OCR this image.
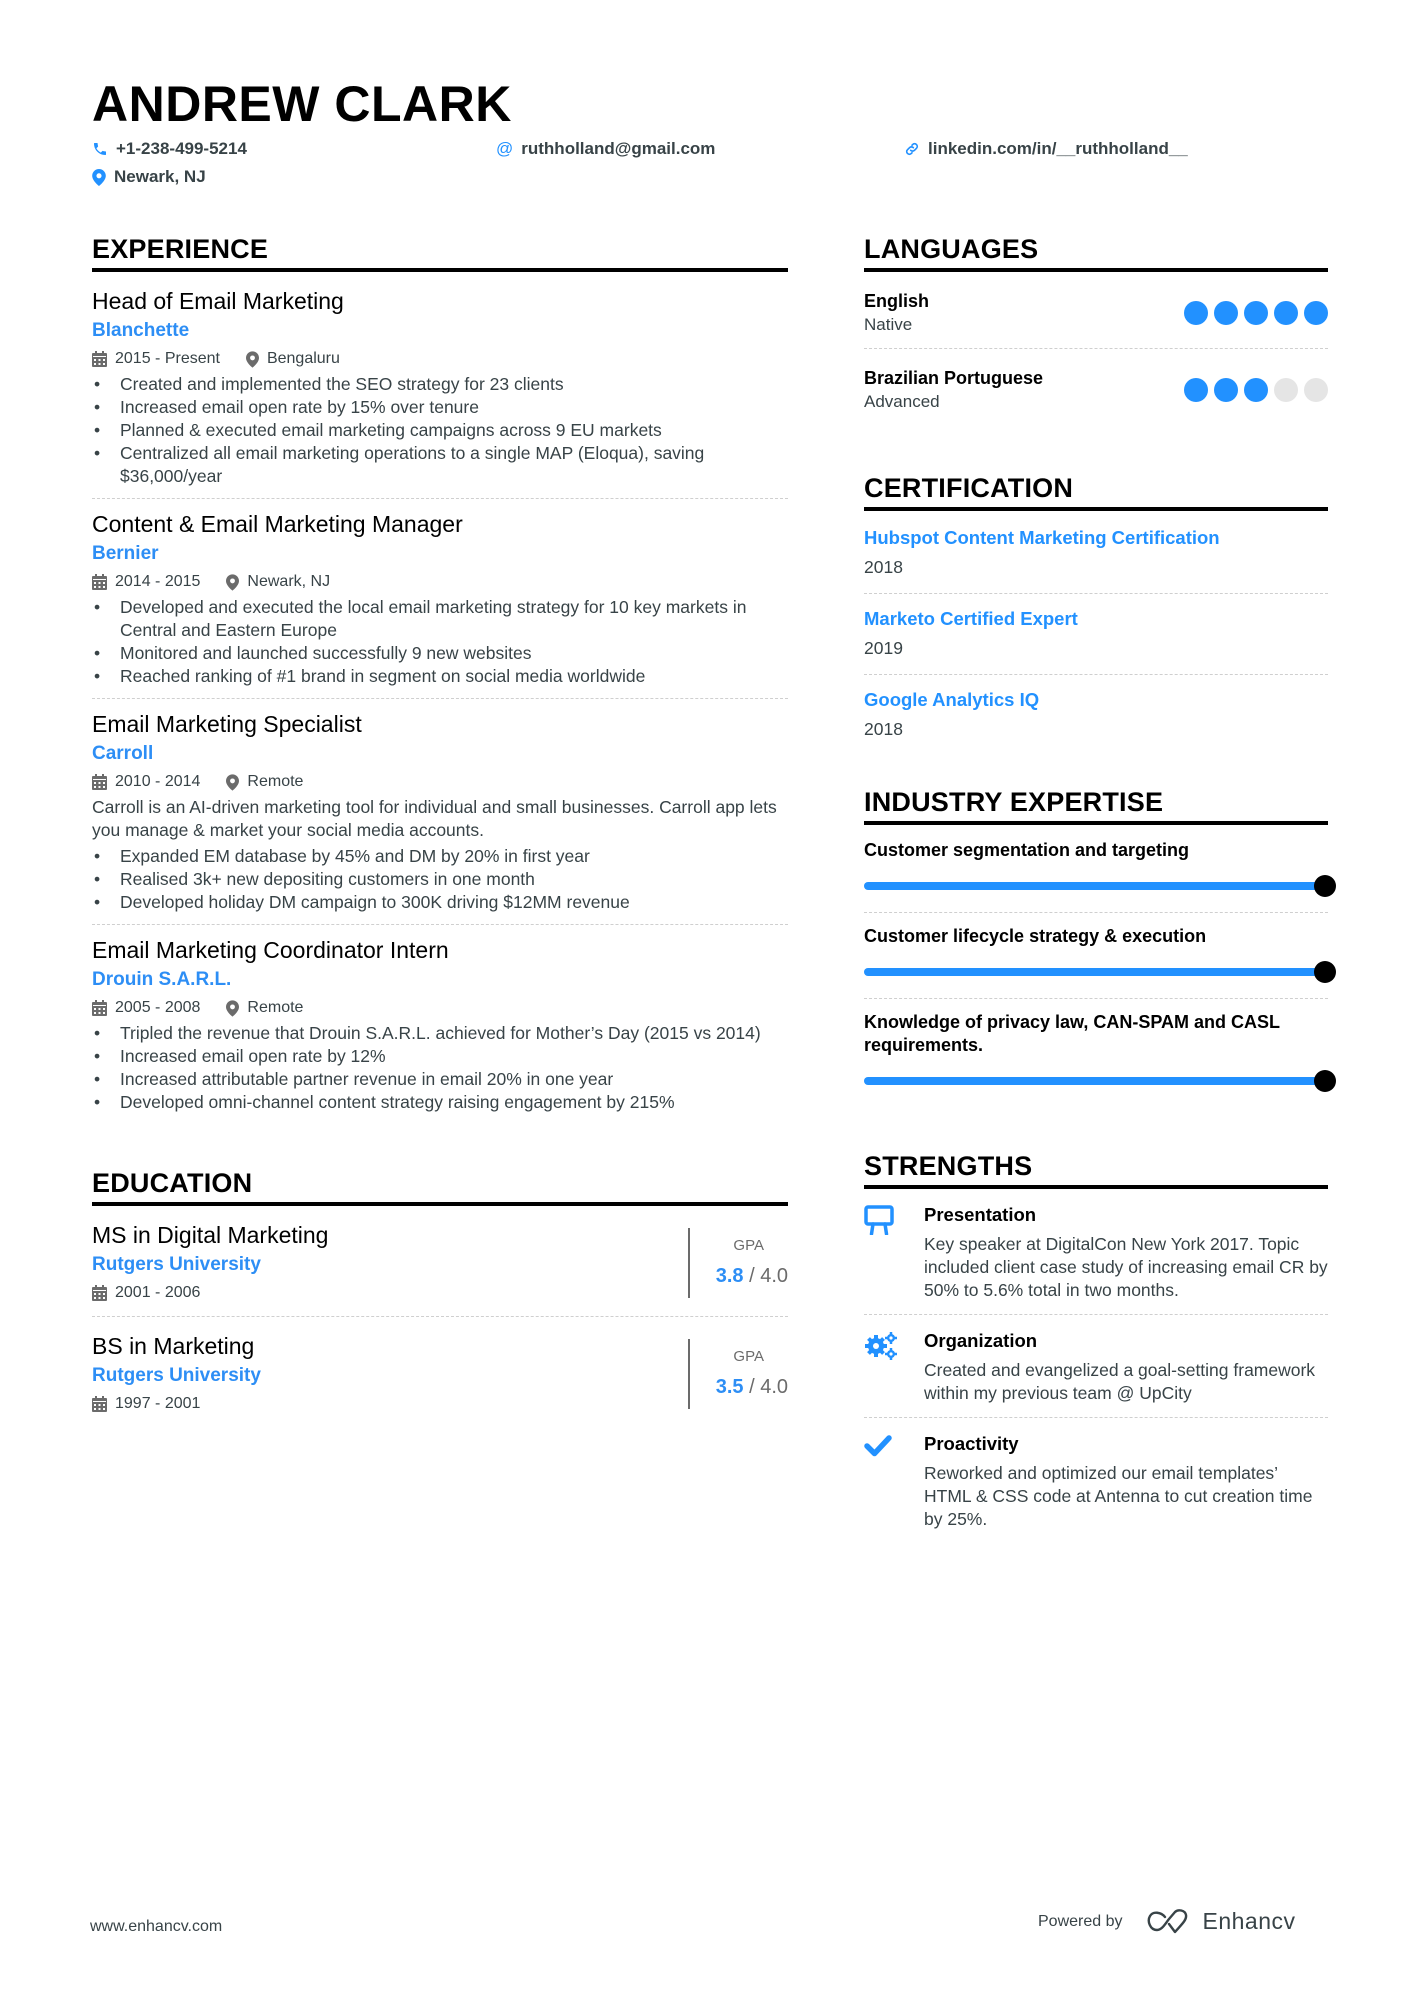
ANDREW CLARK
+1-238-499-5214	@ ruthholland@gmail.com	linkedin.com/in/__ruthholland__
Newark, NJ
EXPERIENCE
Head of Email Marketing
Blanchette
2015 - Present	Bengaluru
• Created and implemented the SEO strategy for 23 clients
• Increased email open rate by 15% over tenure
• Planned & executed email marketing campaigns across 9 EU markets
• Centralized all email marketing operations to a single MAP (Eloqua), saving $36,000/year
Content & Email Marketing Manager
Bernier
2014 - 2015	Newark, NJ
• Developed and executed the local email marketing strategy for 10 key markets in Central and Eastern Europe
• Monitored and launched successfully 9 new websites
• Reached ranking of #1 brand in segment on social media worldwide
Email Marketing Specialist
Carroll
2010 - 2014	Remote
Carroll is an AI-driven marketing tool for individual and small businesses. Carroll app lets you manage & market your social media accounts.
• Expanded EM database by 45% and DM by 20% in first year
• Realised 3k+ new depositing customers in one month
• Developed holiday DM campaign to 300K driving $12MM revenue
Email Marketing Coordinator Intern
Drouin S.A.R.L.
2005 - 2008	Remote
• Tripled the revenue that Drouin S.A.R.L. achieved for Mother’s Day (2015 vs 2014)
• Increased email open rate by 12%
• Increased attributable partner revenue in email 20% in one year
• Developed omni-channel content strategy raising engagement by 215%
EDUCATION
MS in Digital Marketing
Rutgers University
2001 - 2006
GPA
3.8 / 4.0
BS in Marketing
Rutgers University
1997 - 2001
GPA
3.5 / 4.0
LANGUAGES
English
Native
Brazilian Portuguese
Advanced
CERTIFICATION
Hubspot Content Marketing Certification
2018
Marketo Certified Expert
2019
Google Analytics IQ
2018
INDUSTRY EXPERTISE
Customer segmentation and targeting
Customer lifecycle strategy & execution
Knowledge of privacy law, CAN-SPAM and CASL requirements.
STRENGTHS
Presentation
Key speaker at DigitalCon New York 2017. Topic included client case study of increasing email CR by 50% to 5.6% total in two months.
Organization
Created and evangelized a goal-setting framework within my previous team @ UpCity
Proactivity
Reworked and optimized our email templates’ HTML & CSS code at Antenna to cut creation time by 25%.
www.enhancv.com	Powered by	Enhancv
